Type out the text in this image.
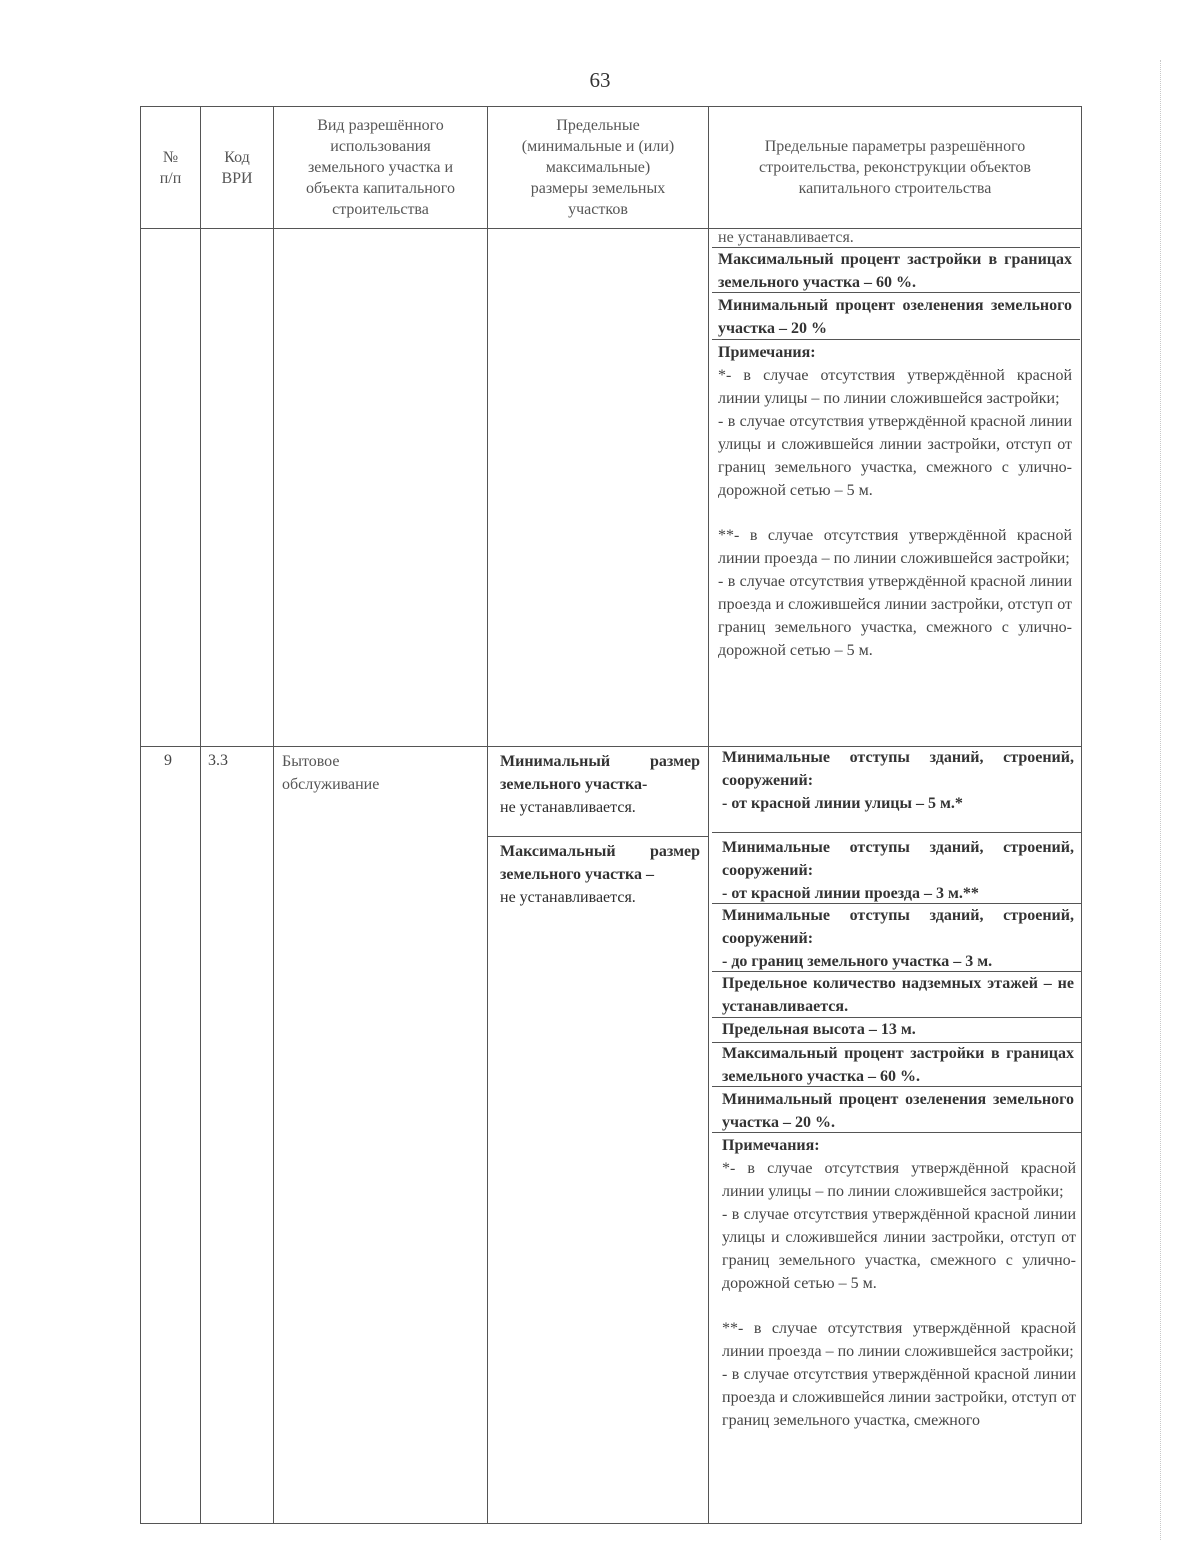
63
№
п/п
Код
ВРИ
Вид разрешённого
использования
земельного участка и
объекта капитального
строительства
Предельные
(минимальные и (или)
максимальные)
размеры земельных
участков
Предельные параметры разрешённого
строительства, реконструкции объектов
капитального строительства
не устанавливается.
Максимальный процент застройки в границах земельного участка – 60 %.
Минимальный процент озеленения земельного участка – 20 %
Примечания:
*- в случае отсутствия утверждённой красной линии улицы – по линии сложившейся застройки;
- в случае отсутствия утверждённой красной линии улицы и сложившейся линии застройки, отступ от границ земельного участка, смежного с улично-дорожной сетью – 5 м.
**- в случае отсутствия утверждённой красной линии проезда – по линии сложившейся застройки;
- в случае отсутствия утверждённой красной линии проезда и сложившейся линии застройки, отступ от границ земельного участка, смежного с улично-дорожной сетью – 5 м.
9 3.3	Бытовое обслуживание
Минимальный размер земельного участка-
не устанавливается.
Максимальный размер земельного участка –
не устанавливается.
Минимальные отступы зданий, строений, сооружений:
- от красной линии улицы – 5 м.*
Минимальные отступы зданий, строений, сооружений:
- от красной линии проезда – 3 м.**
Минимальные отступы зданий, строений, сооружений:
- до границ земельного участка – 3 м.
Предельное количество надземных этажей – не устанавливается.
Предельная высота – 13 м.
Максимальный процент застройки в границах земельного участка – 60 %.
Минимальный процент озеленения земельного участка – 20 %.
Примечания:
*- в случае отсутствия утверждённой красной линии улицы – по линии сложившейся застройки;
- в случае отсутствия утверждённой красной линии улицы и сложившейся линии застройки, отступ от границ земельного участка, смежного с улично-дорожной сетью – 5 м.
**- в случае отсутствия утверждённой красной линии проезда – по линии сложившейся застройки;
- в случае отсутствия утверждённой красной линии проезда и сложившейся линии застройки, отступ от границ земельного участка, смежного
